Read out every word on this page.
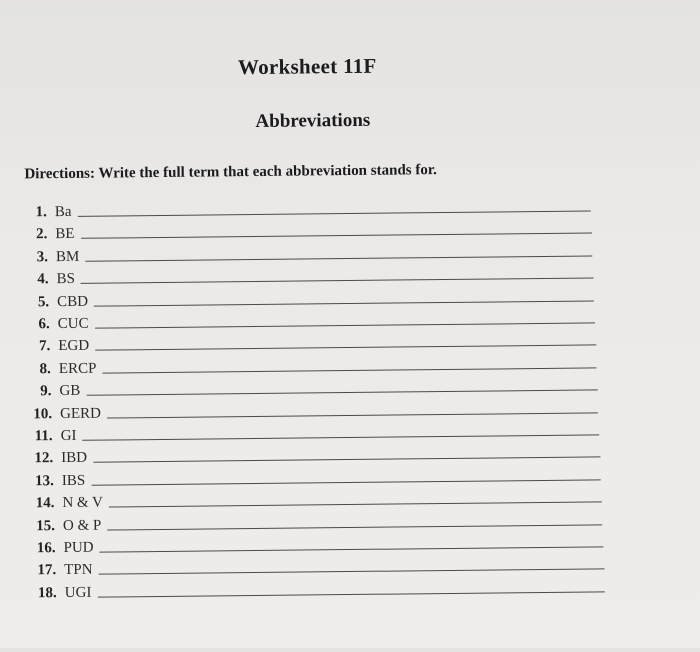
Worksheet 11F
Abbreviations
Directions: Write the full term that each abbreviation stands for.
1. Ba
2. BE
3. BM
4. BS
5. CBD
6. CUC
7. EGD
8. ERCP
9. GB
10. GERD
11. GI
12. IBD
13. IBS
14. N & V
15. O & P
16. PUD
17. TPN
18. UGI
